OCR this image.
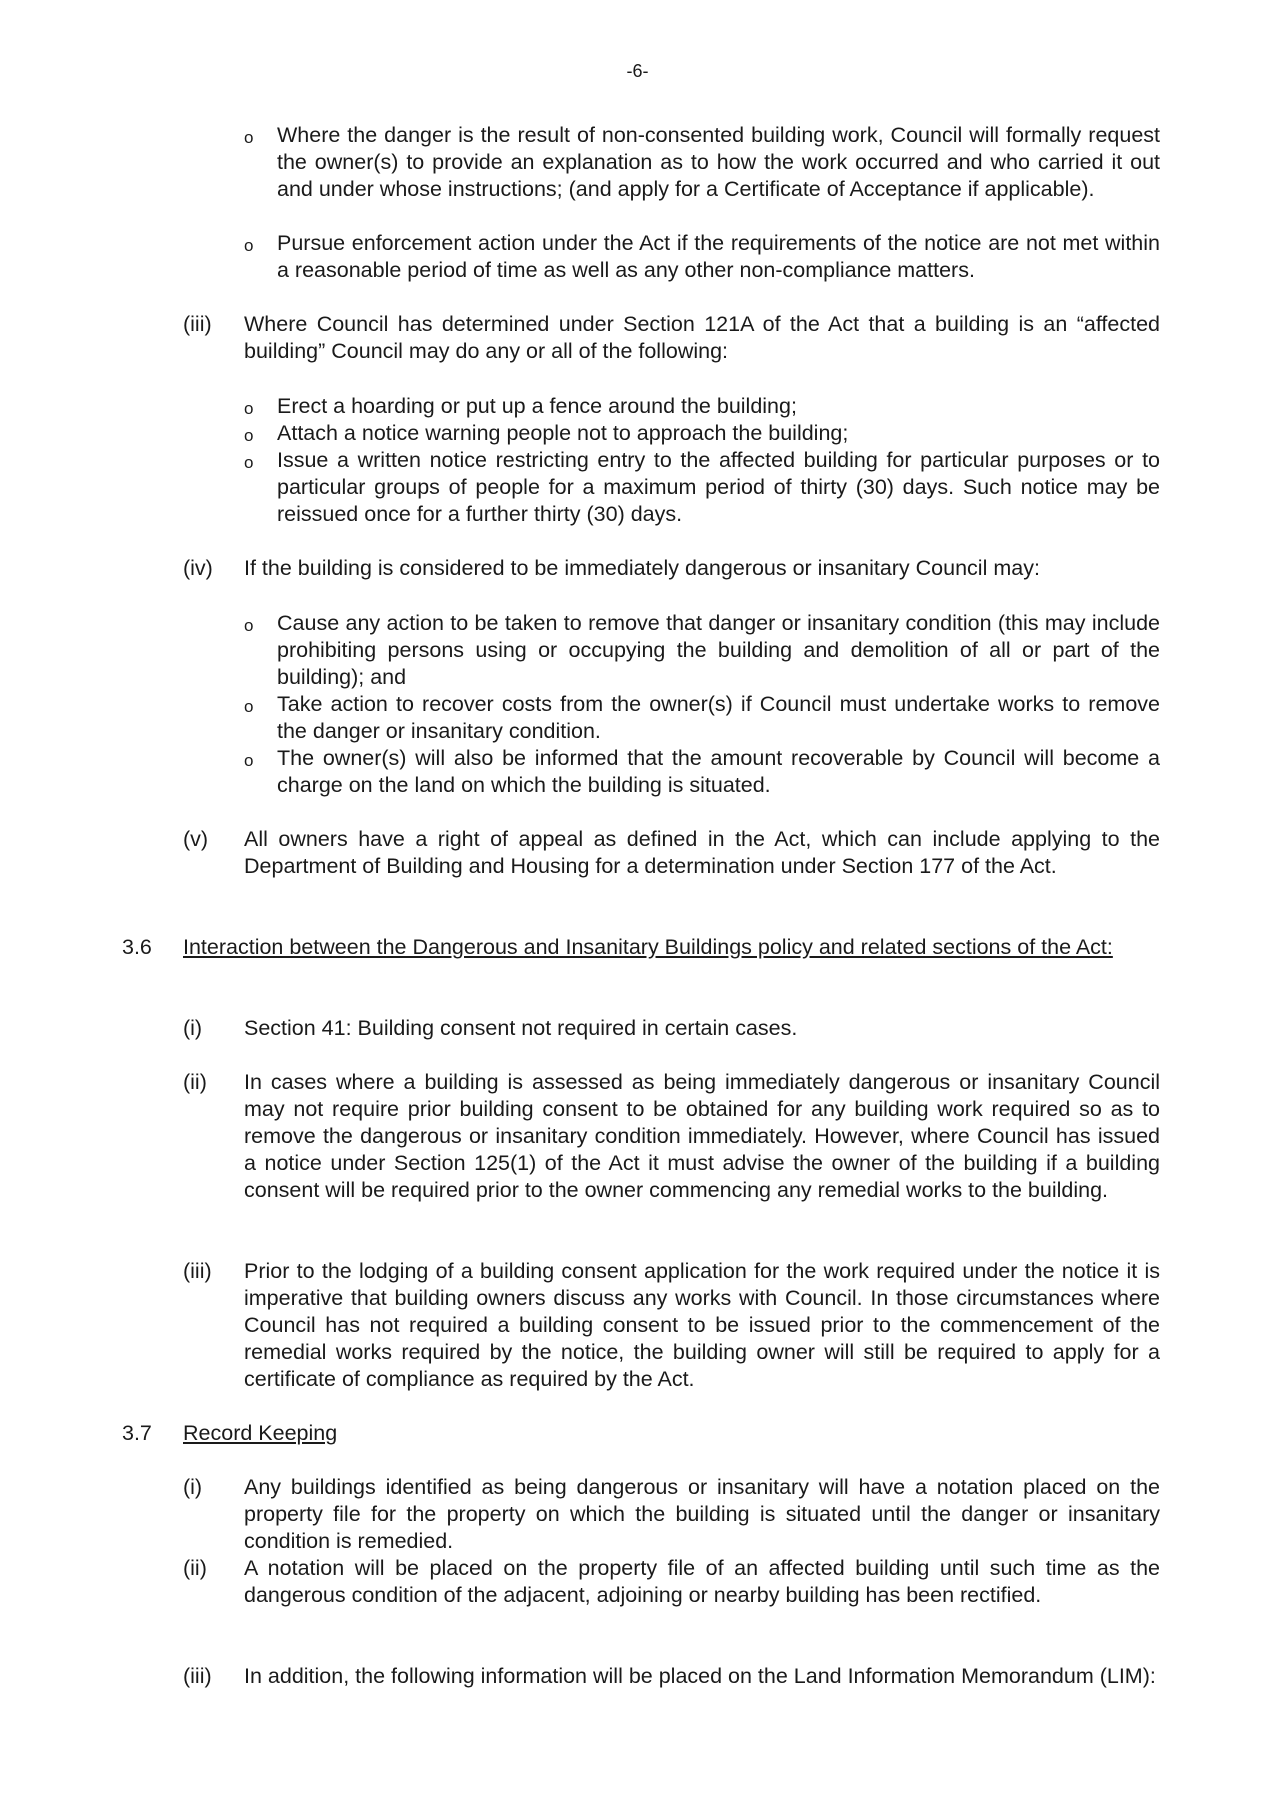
-6-
o Where the danger is the result of non-consented building work, Council will formally request the owner(s) to provide an explanation as to how the work occurred and who carried it out and under whose instructions; (and apply for a Certificate of Acceptance if applicable).
o Pursue enforcement action under the Act if the requirements of the notice are not met within a reasonable period of time as well as any other non-compliance matters.
(iii) Where Council has determined under Section 121A of the Act that a building is an “affected building” Council may do any or all of the following:
o Erect a hoarding or put up a fence around the building;
o Attach a notice warning people not to approach the building;
o Issue a written notice restricting entry to the affected building for particular purposes or to particular groups of people for a maximum period of thirty (30) days. Such notice may be reissued once for a further thirty (30) days.
(iv) If the building is considered to be immediately dangerous or insanitary Council may:
o Cause any action to be taken to remove that danger or insanitary condition (this may include prohibiting persons using or occupying the building and demolition of all or part of the building); and
o Take action to recover costs from the owner(s) if Council must undertake works to remove the danger or insanitary condition.
o The owner(s) will also be informed that the amount recoverable by Council will become a charge on the land on which the building is situated.
(v) All owners have a right of appeal as defined in the Act, which can include applying to the Department of Building and Housing for a determination under Section 177 of the Act.
3.6 Interaction between the Dangerous and Insanitary Buildings policy and related sections of the Act:
(i) Section 41: Building consent not required in certain cases.
(ii) In cases where a building is assessed as being immediately dangerous or insanitary Council may not require prior building consent to be obtained for any building work required so as to remove the dangerous or insanitary condition immediately. However, where Council has issued a notice under Section 125(1) of the Act it must advise the owner of the building if a building consent will be required prior to the owner commencing any remedial works to the building.
(iii) Prior to the lodging of a building consent application for the work required under the notice it is imperative that building owners discuss any works with Council. In those circumstances where Council has not required a building consent to be issued prior to the commencement of the remedial works required by the notice, the building owner will still be required to apply for a certificate of compliance as required by the Act.
3.7 Record Keeping
(i) Any buildings identified as being dangerous or insanitary will have a notation placed on the property file for the property on which the building is situated until the danger or insanitary condition is remedied.
(ii) A notation will be placed on the property file of an affected building until such time as the dangerous condition of the adjacent, adjoining or nearby building has been rectified.
(iii) In addition, the following information will be placed on the Land Information Memorandum (LIM):
